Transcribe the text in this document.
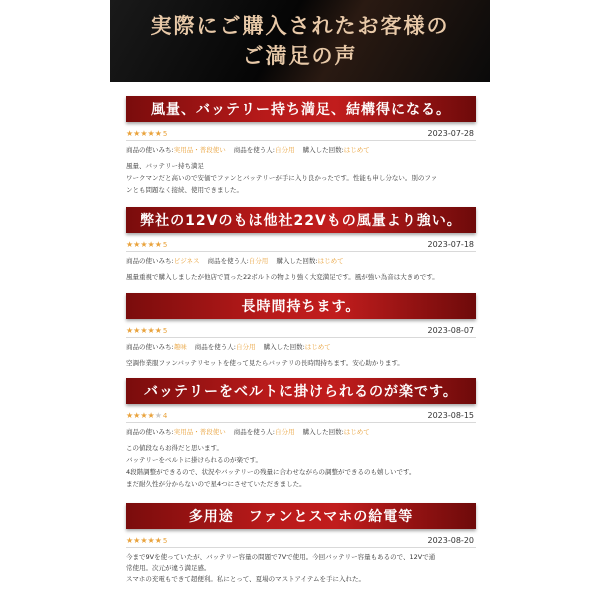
実際にご購入されたお客様の
ご満足の声
風量、バッテリー持ち満足、結構得になる。
★★★★★5	2023-07-28
商品の使いみち:実用品・普段使い 商品を使う人:自分用 購入した回数:はじめて

風量、バッテリー持ち満足

ワークマンだと高いので安価でファンとバッテリーが手に入り良かったです。性能も申し分ない。別のファ

ンとも問題なく接続、使用できました。

弊社の12Vのもは他社22Vもの風量より強い。
★★★★★5	2023-07-18
商品の使いみち:ビジネス 商品を使う人:自分用 購入した回数:はじめて

風量重視で購入しましたが他店で買った22ボルトの物より強く大変満足です。風が強い為音は大きめです。

長時間持ちます。
★★★★★5	2023-08-07
商品の使いみち:趣味 商品を使う人:自分用 購入した回数:はじめて

空調作業服ファンバッテリセットを使って見たらバッテリの長時間持ちます。安心助かります。

バッテリーをベルトに掛けられるのが楽です。
★★★★★4	2023-08-15
商品の使いみち:実用品・普段使い 商品を使う人:自分用 購入した回数:はじめて

この値段ならお得だと思います。

バッテリーをベルトに掛けられるのが楽です。

4段階調整ができるので、状況やバッテリーの残量に合わせながらの調整ができるのも嬉しいです。

まだ耐久性が分からないので星4つにさせていただきました。

多用途　ファンとスマホの給電等
★★★★★5	2023-08-20

今まで9Vを使っていたが、バッテリー容量の問題で7Vで使用。今回バッテリー容量もあるので、12Vで通

常使用。次元が違う満足感。

スマホの充電もできて超便利。私にとって、夏場のマストアイテムを手に入れた。
